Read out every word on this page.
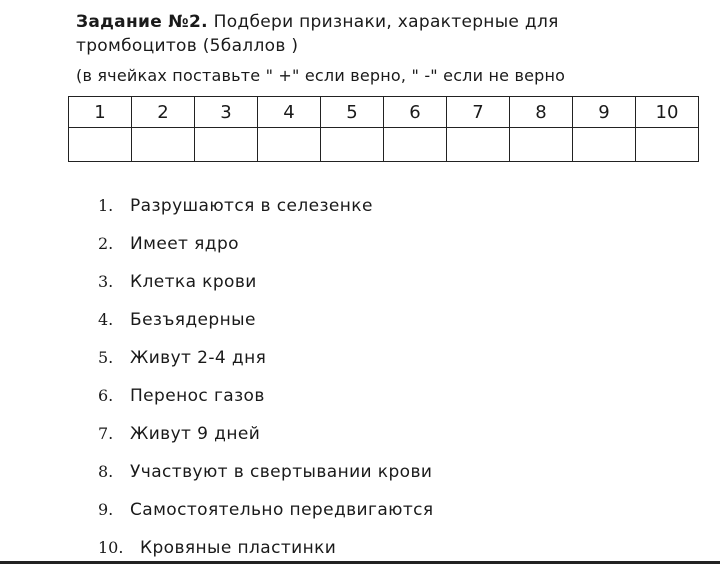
Задание №2. Подбери признаки, характерные для
тромбоцитов (5баллов )
(в ячейках поставьте " +" если верно, " -" если не верно
1	2	3	4	5	6	7	8	9	10

1. Разрушаются в селезенке
2. Имеет ядро
3. Клетка крови
4. Безъядерные
5. Живут 2-4 дня
6. Перенос газов
7. Живут 9 дней
8. Участвуют в свертывании крови
9. Самостоятельно передвигаются
10. Кровяные пластинки
